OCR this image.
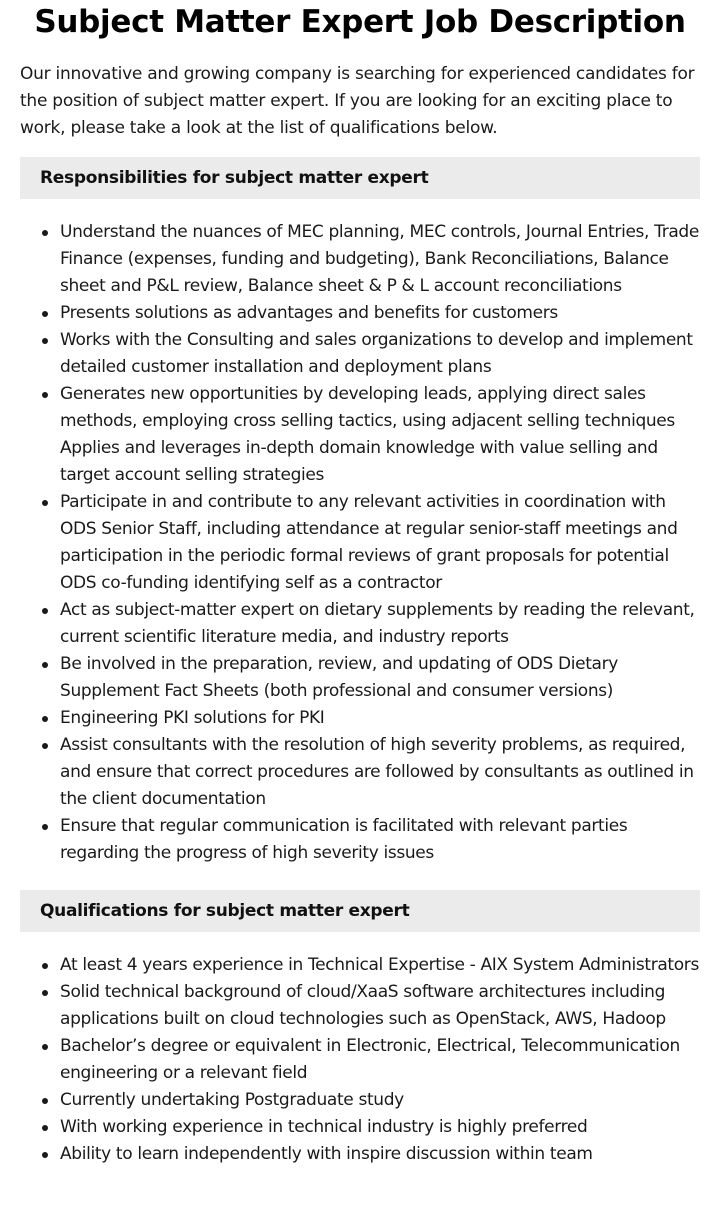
Subject Matter Expert Job Description

Our innovative and growing company is searching for experienced candidates for the position of subject matter expert. If you are looking for an exciting place to work, please take a look at the list of qualifications below.

Responsibilities for subject matter expert
Understand the nuances of MEC planning, MEC controls, Journal Entries, Trade Finance (expenses, funding and budgeting), Bank Reconciliations, Balance sheet and P&L review, Balance sheet & P & L account reconciliations
Presents solutions as advantages and benefits for customers
Works with the Consulting and sales organizations to develop and implement detailed customer installation and deployment plans
Generates new opportunities by developing leads, applying direct sales methods, employing cross selling tactics, using adjacent selling techniques Applies and leverages in-depth domain knowledge with value selling and target account selling strategies
Participate in and contribute to any relevant activities in coordination with ODS Senior Staff, including attendance at regular senior-staff meetings and participation in the periodic formal reviews of grant proposals for potential ODS co-funding identifying self as a contractor
Act as subject-matter expert on dietary supplements by reading the relevant, current scientific literature media, and industry reports
Be involved in the preparation, review, and updating of ODS Dietary Supplement Fact Sheets (both professional and consumer versions)
Engineering PKI solutions for PKI
Assist consultants with the resolution of high severity problems, as required, and ensure that correct procedures are followed by consultants as outlined in the client documentation
Ensure that regular communication is facilitated with relevant parties regarding the progress of high severity issues
Qualifications for subject matter expert
At least 4 years experience in Technical Expertise - AIX System Administrators
Solid technical background of cloud/XaaS software architectures including applications built on cloud technologies such as OpenStack, AWS, Hadoop
Bachelor’s degree or equivalent in Electronic, Electrical, Telecommunication engineering or a relevant field
Currently undertaking Postgraduate study
With working experience in technical industry is highly preferred
Ability to learn independently with inspire discussion within team
